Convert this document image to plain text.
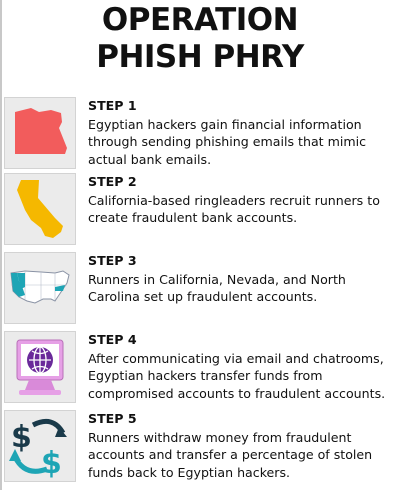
OPERATION
PHISH PHRY
STEP 1
Egyptian hackers gain financial information through sending phishing emails that mimic actual bank emails.
STEP 2
California-based ringleaders recruit runners to create fraudulent bank accounts.
STEP 3
Runners in California, Nevada, and North Carolina set up fraudulent accounts.
STEP 4
After communicating via email and chatrooms, Egyptian hackers transfer funds from compromised accounts to fraudulent accounts.
$
$
STEP 5
Runners withdraw money from fraudulent accounts and transfer a percentage of stolen funds back to Egyptian hackers.
